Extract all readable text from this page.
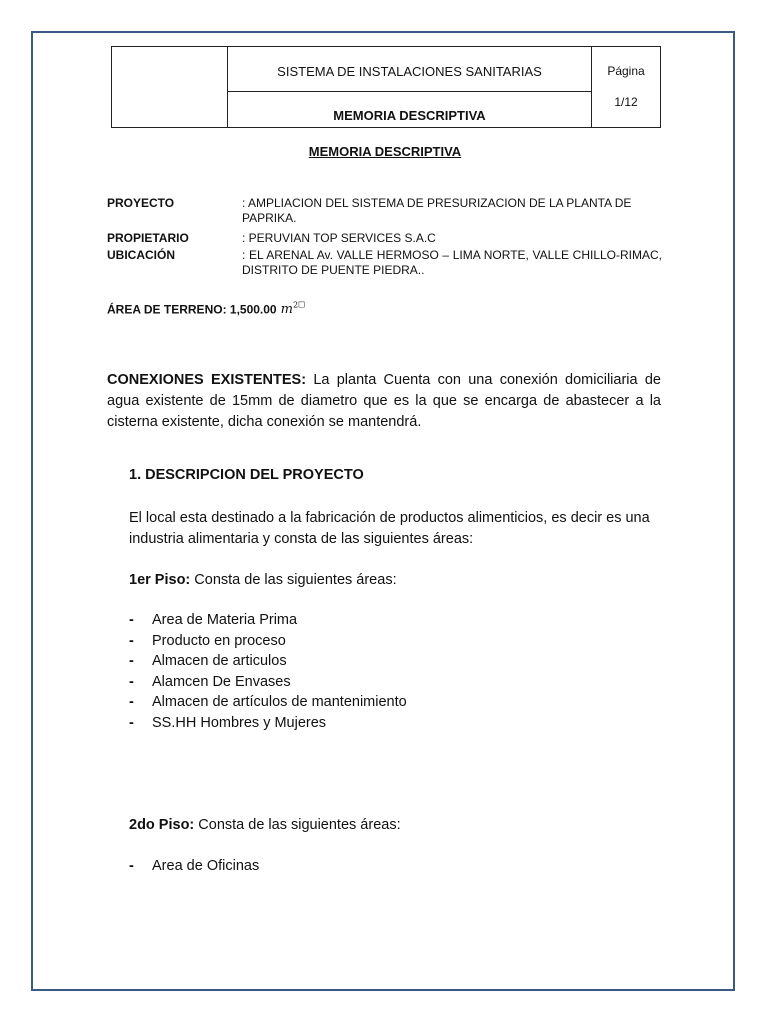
SISTEMA DE INSTALACIONES SANITARIAS
MEMORIA DESCRIPTIVA
Página
1/12
MEMORIA DESCRIPTIVA
PROYECTO	: AMPLIACION DEL SISTEMA DE PRESURIZACION DE LA PLANTA DE PAPRIKA.
PROPIETARIO	: PERUVIAN TOP SERVICES S.A.C
UBICACIÓN	: EL ARENAL Av. VALLE HERMOSO – LIMA NORTE, VALLE CHILLO-RIMAC, DISTRITO DE PUENTE PIEDRA..
ÁREA DE TERRENO: 1,500.00 $m^{2☐}$
CONEXIONES EXISTENTES: La planta Cuenta con una conexión domiciliaria de agua existente de 15mm de diametro que es la que se encarga de abastecer a la cisterna existente, dicha conexión se mantendrá.
1. DESCRIPCION DEL PROYECTO
El local esta destinado a la fabricación de productos alimenticios, es decir es una industria alimentaria y consta de las siguientes áreas:
1er Piso: Consta de las siguientes áreas:
- Area de Materia Prima
- Producto en proceso
- Almacen de articulos
- Alamcen De Envases
- Almacen de artículos de mantenimiento
- SS.HH Hombres y Mujeres
2do Piso: Consta de las siguientes áreas:
- Area de Oficinas
